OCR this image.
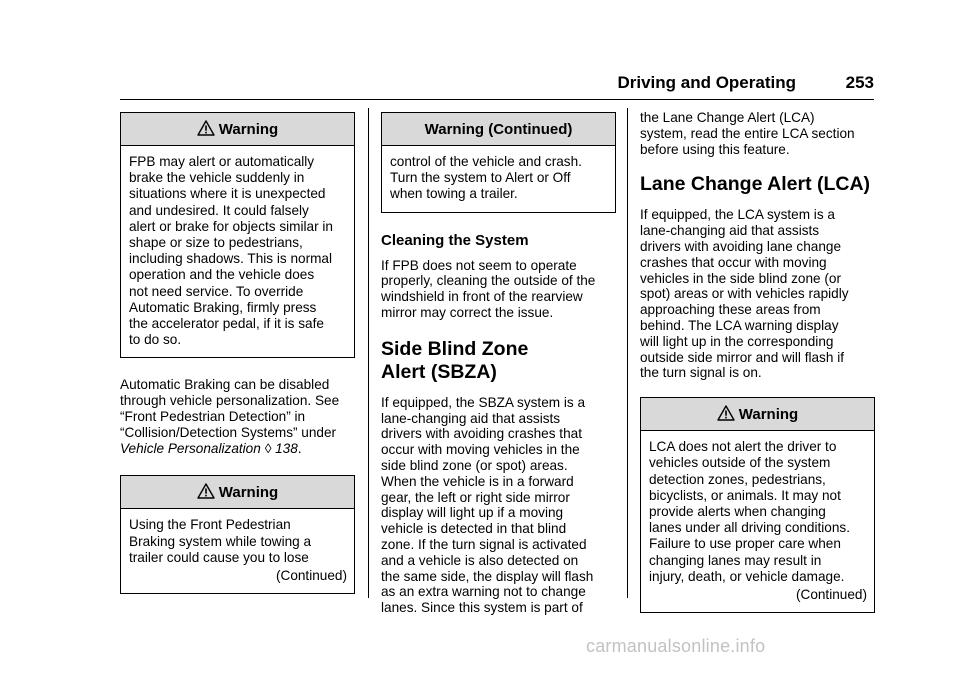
Driving and Operating	253
Warning
FPB may alert or automatically
brake the vehicle suddenly in
situations where it is unexpected
and undesired. It could falsely
alert or brake for objects similar in
shape or size to pedestrians,
including shadows. This is normal
operation and the vehicle does
not need service. To override
Automatic Braking, firmly press
the accelerator pedal, if it is safe
to do so.
Automatic Braking can be disabled
through vehicle personalization. See
“Front Pedestrian Detection” in
“Collision/Detection Systems” under
Vehicle Personalization ◊ 138.
Warning
Using the Front Pedestrian
Braking system while towing a
trailer could cause you to lose
(Continued)
Warning (Continued)
control of the vehicle and crash.
Turn the system to Alert or Off
when towing a trailer.
Cleaning the System
If FPB does not seem to operate
properly, cleaning the outside of the
windshield in front of the rearview
mirror may correct the issue.
Side Blind Zone
Alert (SBZA)
If equipped, the SBZA system is a
lane-changing aid that assists
drivers with avoiding crashes that
occur with moving vehicles in the
side blind zone (or spot) areas.
When the vehicle is in a forward
gear, the left or right side mirror
display will light up if a moving
vehicle is detected in that blind
zone. If the turn signal is activated
and a vehicle is also detected on
the same side, the display will flash
as an extra warning not to change
lanes. Since this system is part of
the Lane Change Alert (LCA)
system, read the entire LCA section
before using this feature.
Lane Change Alert (LCA)
If equipped, the LCA system is a
lane-changing aid that assists
drivers with avoiding lane change
crashes that occur with moving
vehicles in the side blind zone (or
spot) areas or with vehicles rapidly
approaching these areas from
behind. The LCA warning display
will light up in the corresponding
outside side mirror and will flash if
the turn signal is on.
Warning
LCA does not alert the driver to
vehicles outside of the system
detection zones, pedestrians,
bicyclists, or animals. It may not
provide alerts when changing
lanes under all driving conditions.
Failure to use proper care when
changing lanes may result in
injury, death, or vehicle damage.
(Continued)
carmanualsonline.info
